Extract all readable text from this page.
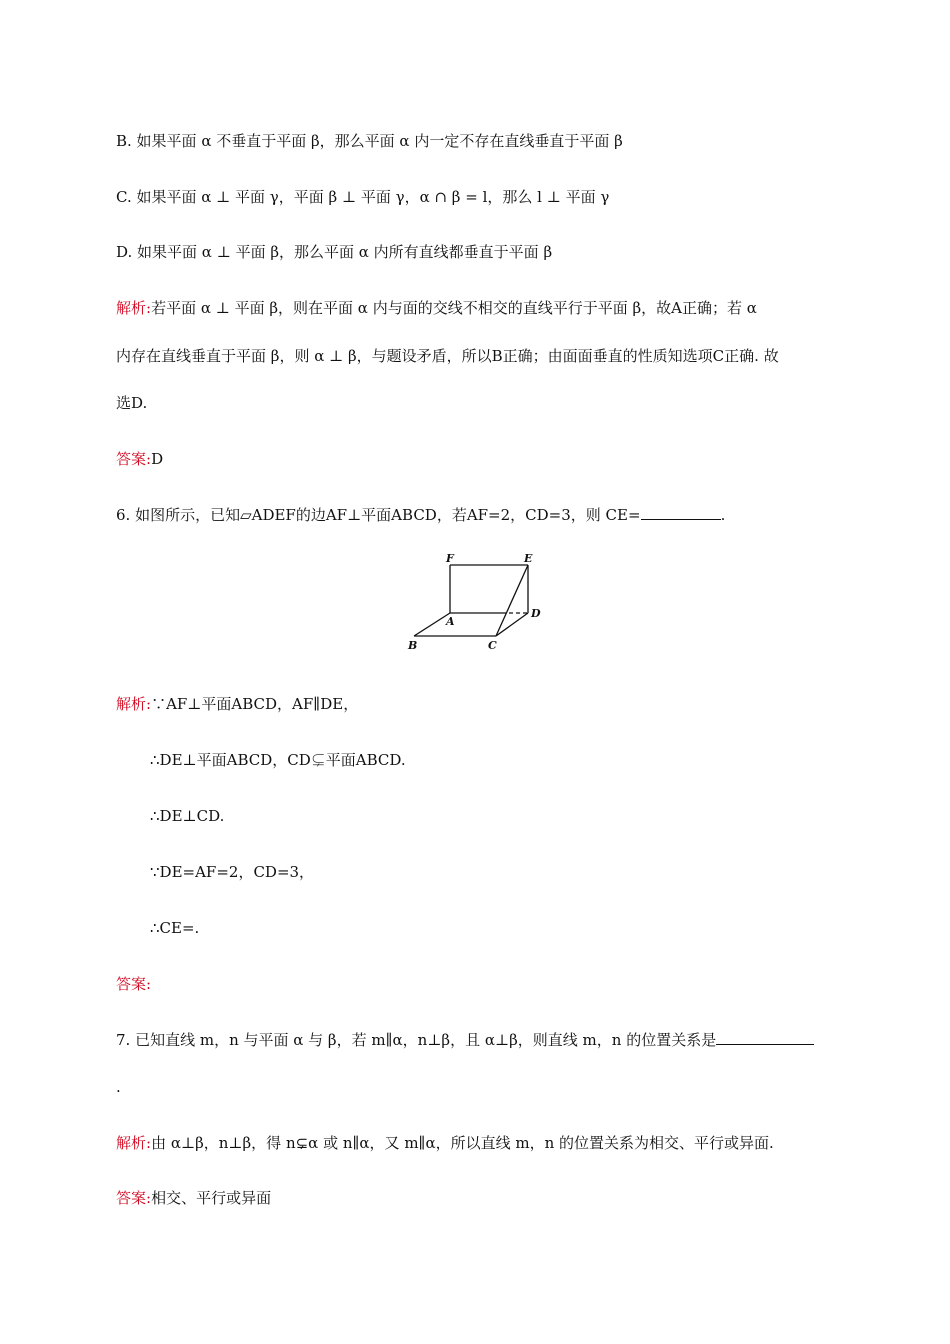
B. 如果平面 α 不垂直于平面 β，那么平面 α 内一定不存在直线垂直于平面 β
C. 如果平面 α ⊥ 平面 γ，平面 β ⊥ 平面 γ，α ∩ β = l，那么 l ⊥ 平面 γ
D. 如果平面 α ⊥ 平面 β，那么平面 α 内所有直线都垂直于平面 β
解析:若平面 α ⊥ 平面 β，则在平面 α 内与面的交线不相交的直线平行于平面 β，故A正确；若 α
内存在直线垂直于平面 β，则 α ⊥ β，与题设矛盾，所以B正确；由面面垂直的性质知选项C正确. 故
选D.
答案:D
6. 如图所示，已知▱ADEF的边AF⊥平面ABCD，若AF=2，CD=3，则 CE=	.
F	E
A
D
B	C
解析:∵AF⊥平面ABCD，AF∥DE，
∴DE⊥平面ABCD，CD⊊平面ABCD.
∴DE⊥CD.
∵DE=AF=2，CD=3，
∴CE=.
答案:
7. 已知直线 m，n 与平面 α 与 β，若 m∥α，n⊥β，且 α⊥β，则直线 m，n 的位置关系是
.
解析:由 α⊥β，n⊥β，得 n⊊α 或 n∥α，又 m∥α，所以直线 m，n 的位置关系为相交、平行或异面.
答案:相交、平行或异面
